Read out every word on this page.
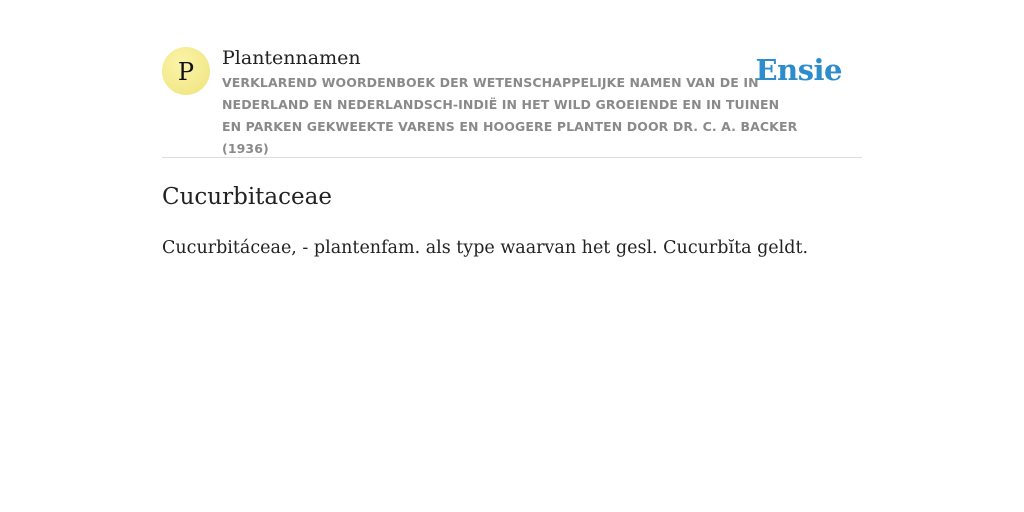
P Plantennamen

VERKLAREND WOORDENBOEK DER WETENSCHAPPELIJKE NAMEN VAN DE IN NEDERLAND EN NEDERLANDSCH-INDIË IN HET WILD GROEIENDE EN IN TUINEN EN PARKEN GEKWEEKTE VARENS EN HOOGERE PLANTEN DOOR DR. C. A. BACKER (1936)

Ensie
Cucurbitaceae

Cucurbitáceae, - plantenfam. als type waarvan het gesl. Cucurbĭta geldt.
